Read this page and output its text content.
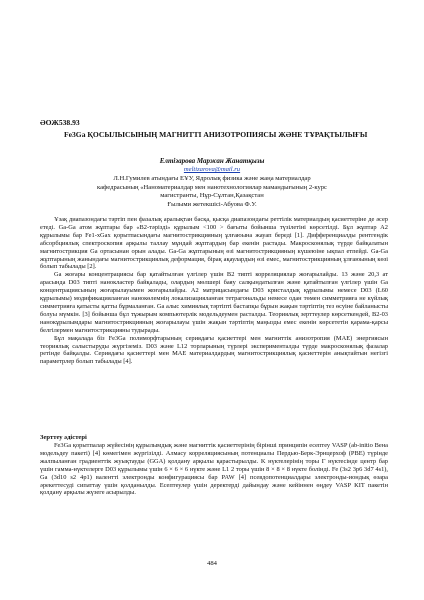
ӘОЖ538.93
Fe3Ga ҚОСЫЛЫСЫНЫҢ МАГНИТТІ АНИЗОТРОПИЯСЫ ЖӘНЕ ТҰРАҚТЫЛЫҒЫ
Елтізарова Маржан Жанатқызы
meltizarova@mail.ru
Л.Н.Гумилев атындағы ЕҰУ, Ядролық физика және жаңа материалдар
кафедрасының «Наноматериалдар мен нанотехнологиялар мамандығының 2-курс
магистранты, Нұр-Сұлтан,Қазақстан
Ғылыми жетекшісі-Абуова Ф.У.

Ұзақ диапазондағы тәртіп пен фазалық аралықтан басқа, қысқа диапазондағы реттілік материалдың қасиеттеріне де әсер етеді. Ga-Ga атом жұптары бар «B2-тәрізді» құрылым <100 > бағыты бойынша түзілетіні көрсетілді. Бұл жұптар A2 құрылымы бар Fe1-xGax қорытпасындағы магнитострикцияның ұлғаюына жауап береді [1]. Дифференциалды рентгендік абсорбциялық спектроскопия арқылы таллау мұндай жұптардың бар екенін растады. Макросконялық түрде байқалатын магнитострикция Ga ортасынан орын алады. Ga-Ga жұптарының өзі магнитострикцияның күшеюіне ықпал етпейді. Ga-Ga жұптарының жанындағы магнитострикциялық деформация, бірақ ақаулардың өзі емес, магнитострикцияның ұлғаюының көзі болып табылады [2].

Ga жоғары концентрациясы бар қатайтылған үлгілер үшін B2 типті корреляциялар жоғарылайды. 13 және 20,3 ат арасында D03 типті нанокластер байқалады, олардың мөлшері баяу салқындатылған және қатайтылған үлгілер үшін Ga концентрациясының жоғарылауымен жоғарылайды. A2 матрицасындағы D03 кристалдық құрылымы немесе D03 (L60 құрылымы) модификацияланған нанокөлемнің локализацияланған тетрагональды немесе одан төмен симметрияға не күйлық симметрияға қатысты қатты бұрмаланған. Ga алыс химиялық тәртіпті бастапқы бұрын жақын тәртіптің тез өсуіне байланысты болуы мүмкін. [3] бойынша бұл тұжырым компьютерлік модельдеумен расталды. Теориялық зерттеулер көрсеткендей, B2-03 нанокұрылымдары магнитострикцияның жоғарылауы үшін жақын тәртіптің маңызды емес екенін көрсететін қарама-қарсы белгілермен магнитострикцияны тудырады.

Бұл мақалада біз Fe3Ga полиморфтарының сериядағы қасиеттері мен магниттік анизотропия (MAE) энергиясын теориялық салыстыруды жүргіземіз. D03 және L12 торларының түрлері эксперименталды түрде макросконялық фазалар ретінде байқалды. Сериядағы қасиеттері мен MAE материалдардың магнитострикциялық қасиеттерін анықтайтын негізгі параметрлер болып табылады [4].

Зерттеу әдістері

Fe3Ga қорытпалар жүйесінің құрылымдық және магниттік қасиеттерінің бірінші принципін есептеу VASP (ab-initio Вена модельдеу пакеті) [4] көмегімен жүргізілді. Алмасу корреляциясының потенциалы Пердью-Берк-Эрнцерхоф (PBE) түрінде жалпыланған градиенттік жуықтауды (GGA) қолдану арқылы қарастырылды. K нүктелерінің торы Г нүктесінде центр бар үшін гамма-нүктелерге D03 құрылымы үшін 6 × 6 × 6 нүкте және L1 2 торы үшін 8 × 8 × 8 нүкте болінді. Fe (3s2 3p6 3d7 4s1), Ga (3d10 s2 4p1) валентті электронды конфигурациясы бар PAW [4] псевдопотенциалдары электронды-иондық өзара әрекеттесуді сипаттау үшін қолданылды. Есептеулер үшін деректерді дайындау және кейіннен өңдеу VASP KIT пакетін қолдану арқылы жүзеге асырылды.

484
